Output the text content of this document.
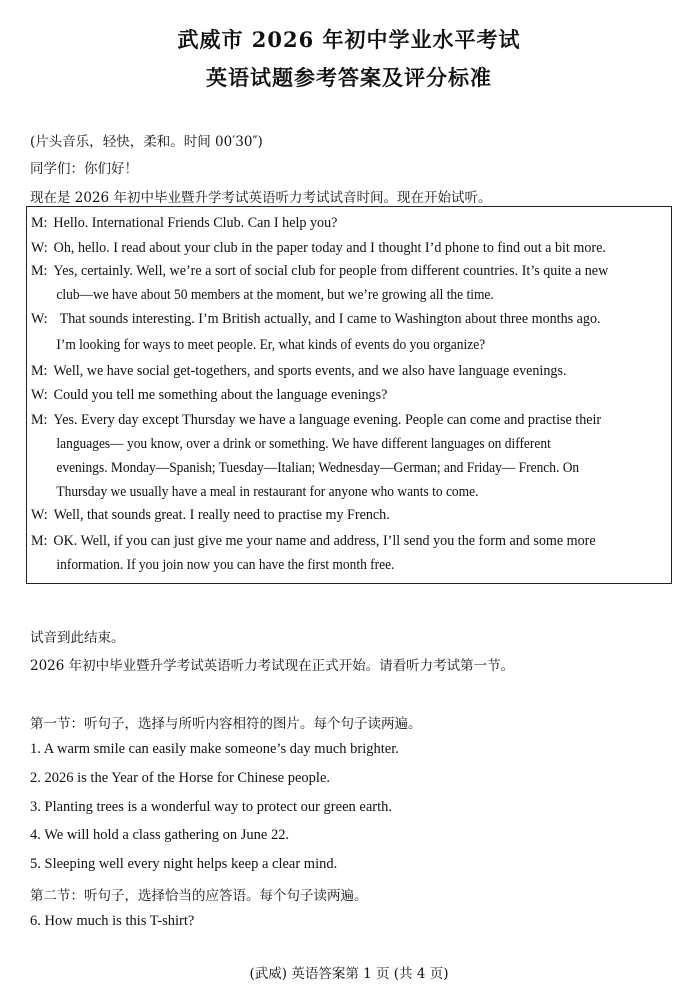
武威市 2026 年初中学业水平考试
英语试题参考答案及评分标准
(片头音乐，轻快，柔和。时间 00′30″)
同学们：你们好！
现在是 2026 年初中毕业暨升学考试英语听力考试试音时间。现在开始试听。
M: Hello. International Friends Club. Can I help you?
W: Oh, hello. I read about your club in the paper today and I thought I’d phone to find out a bit more.
M: Yes, certainly. Well, we’re a sort of social club for people from different countries. It’s quite a new
club—we have about 50 members at the moment, but we’re growing all the time.
W: That sounds interesting. I’m British actually, and I came to Washington about three months ago.
I’m looking for ways to meet people. Er, what kinds of events do you organize?
M: Well, we have social get-togethers, and sports events, and we also have language evenings.
W: Could you tell me something about the language evenings?
M: Yes. Every day except Thursday we have a language evening. People can come and practise their
languages— you know, over a drink or something. We have different languages on different
evenings. Monday—Spanish; Tuesday—Italian; Wednesday—German; and Friday— French. On
Thursday we usually have a meal in restaurant for anyone who wants to come.
W: Well, that sounds great. I really need to practise my French.
M: OK. Well, if you can just give me your name and address, I’ll send you the form and some more
information. If you join now you can have the first month free.
试音到此结束。
2026 年初中毕业暨升学考试英语听力考试现在正式开始。请看听力考试第一节。
第一节：听句子，选择与所听内容相符的图片。每个句子读两遍。
1. A warm smile can easily make someone’s day much brighter.
2. 2026 is the Year of the Horse for Chinese people.
3. Planting trees is a wonderful way to protect our green earth.
4. We will hold a class gathering on June 22.
5. Sleeping well every night helps keep a clear mind.
第二节：听句子，选择恰当的应答语。每个句子读两遍。
6. How much is this T-shirt?
(武威) 英语答案第 1 页 (共 4 页)
